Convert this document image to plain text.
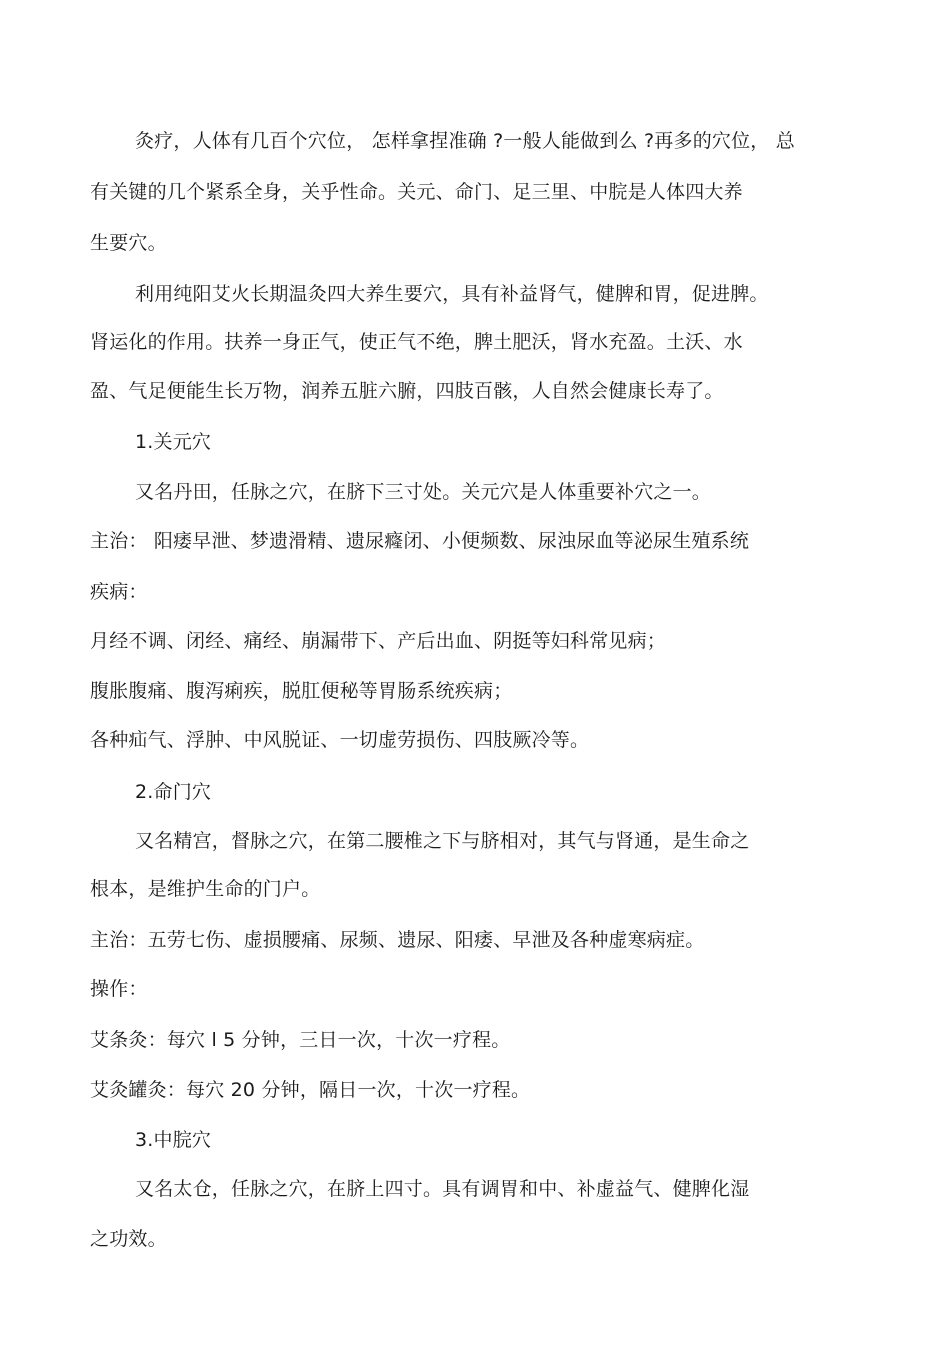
灸疗，人体有几百个穴位， 怎样拿捏准确 ?一般人能做到么 ?再多的穴位， 总
有关键的几个紧系全身，关乎性命。关元、命门、足三里、中脘是人体四大养
生要穴。
利用纯阳艾火长期温灸四大养生要穴，具有补益肾气，健脾和胃，促进脾。
肾运化的作用。扶养一身正气，使正气不绝，脾土肥沃，肾水充盈。土沃、水
盈、气足便能生长万物，润养五脏六腑，四肢百骸，人自然会健康长寿了。
1.关元穴
又名丹田，任脉之穴，在脐下三寸处。关元穴是人体重要补穴之一。
主治： 阳痿早泄、梦遗滑精、遗尿癃闭、小便频数、尿浊尿血等泌尿生殖系统
疾病：
月经不调、闭经、痛经、崩漏带下、产后出血、阴挺等妇科常见病；
腹胀腹痛、腹泻痢疾，脱肛便秘等胃肠系统疾病；
各种疝气、浮肿、中风脱证、一切虚劳损伤、四肢厥冷等。
2.命门穴
又名精宫，督脉之穴，在第二腰椎之下与脐相对，其气与肾通，是生命之
根本，是维护生命的门户。
主治：五劳七伤、虚损腰痛、尿频、遗尿、阳痿、早泄及各种虚寒病症。
操作：
艾条灸：每穴 l 5 分钟，三日一次，十次一疗程。
艾灸罐灸：每穴 20 分钟，隔日一次，十次一疗程。
3.中脘穴
又名太仓，任脉之穴，在脐上四寸。具有调胃和中、补虚益气、健脾化湿
之功效。
